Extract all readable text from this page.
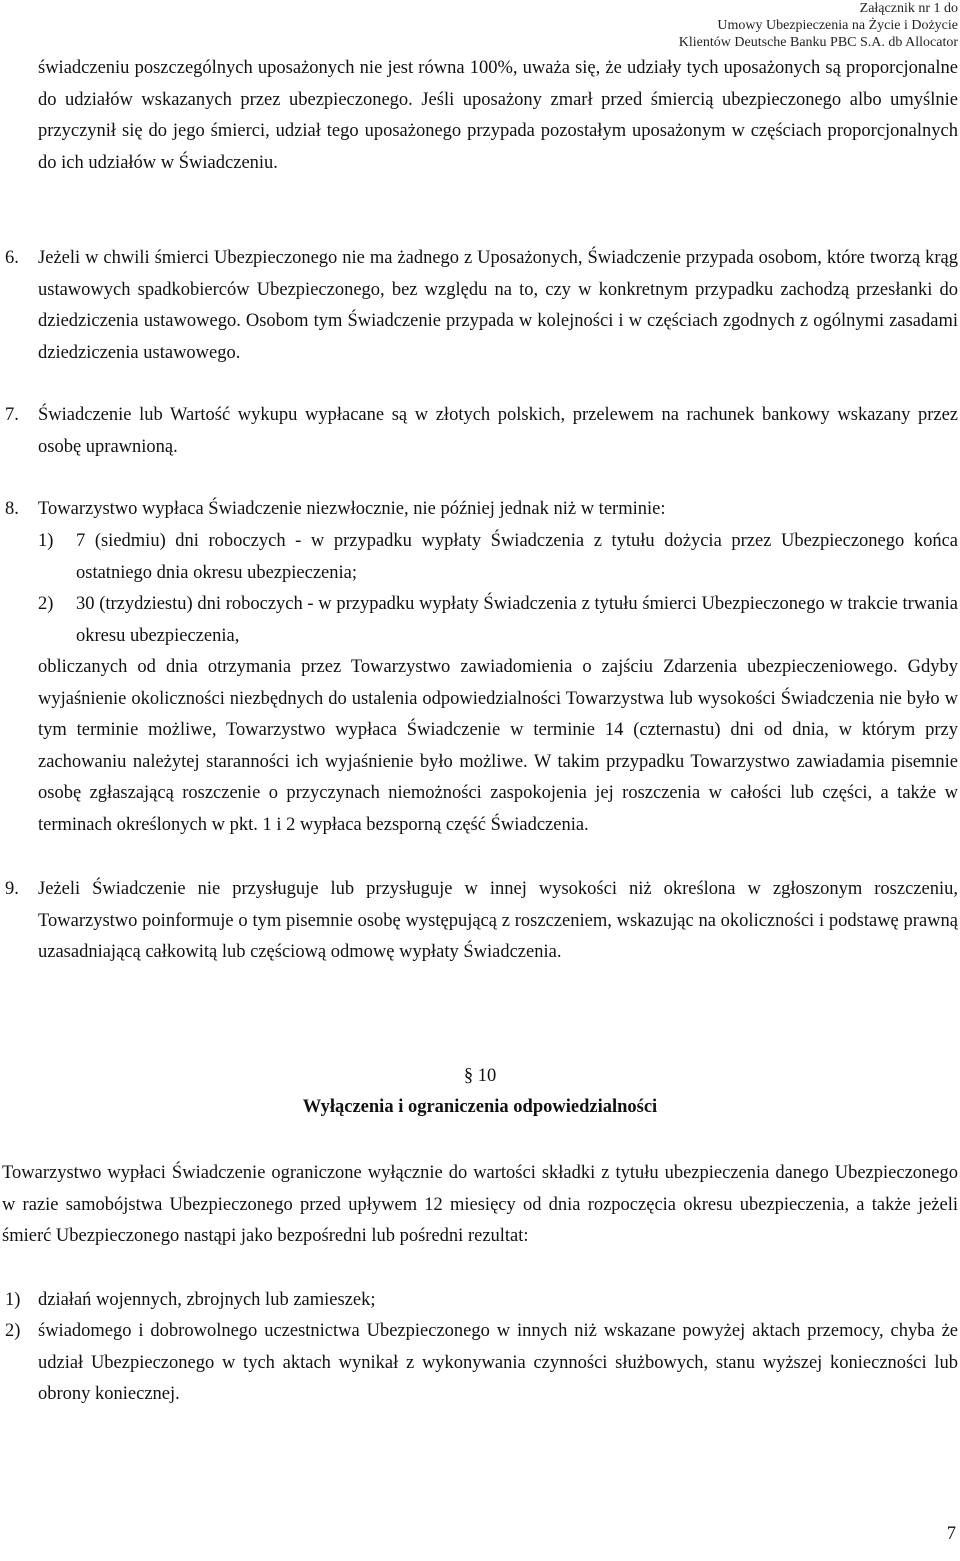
Załącznik nr 1 do
Umowy Ubezpieczenia na Życie i Dożycie
Klientów Deutsche Banku PBC S.A. db Allocator
świadczeniu poszczególnych uposażonych nie jest równa 100%, uważa się, że udziały tych uposażonych są proporcjonalne do udziałów wskazanych przez ubezpieczonego. Jeśli uposażony zmarł przed śmiercią ubezpieczonego albo umyślnie przyczynił się do jego śmierci, udział tego uposażonego przypada pozostałym uposażonym w częściach proporcjonalnych do ich udziałów w Świadczeniu.
6. Jeżeli w chwili śmierci Ubezpieczonego nie ma żadnego z Uposażonych, Świadczenie przypada osobom, które tworzą krąg ustawowych spadkobierców Ubezpieczonego, bez względu na to, czy w konkretnym przypadku zachodzą przesłanki do dziedziczenia ustawowego. Osobom tym Świadczenie przypada w kolejności i w częściach zgodnych z ogólnymi zasadami dziedziczenia ustawowego.
7. Świadczenie lub Wartość wykupu wypłacane są w złotych polskich, przelewem na rachunek bankowy wskazany przez osobę uprawnioną.
8. Towarzystwo wypłaca Świadczenie niezwłocznie, nie później jednak niż w terminie:
1) 7 (siedmiu) dni roboczych - w przypadku wypłaty Świadczenia z tytułu dożycia przez Ubezpieczonego końca ostatniego dnia okresu ubezpieczenia;
2) 30 (trzydziestu) dni roboczych - w przypadku wypłaty Świadczenia z tytułu śmierci Ubezpieczonego w trakcie trwania okresu ubezpieczenia,
obliczanych od dnia otrzymania przez Towarzystwo zawiadomienia o zajściu Zdarzenia ubezpieczeniowego. Gdyby wyjaśnienie okoliczności niezbędnych do ustalenia odpowiedzialności Towarzystwa lub wysokości Świadczenia nie było w tym terminie możliwe, Towarzystwo wypłaca Świadczenie w terminie 14 (czternastu) dni od dnia, w którym przy zachowaniu należytej staranności ich wyjaśnienie było możliwe. W takim przypadku Towarzystwo zawiadamia pisemnie osobę zgłaszającą roszczenie o przyczynach niemożności zaspokojenia jej roszczenia w całości lub części, a także w terminach określonych w pkt. 1 i 2 wypłaca bezsporną część Świadczenia.
9. Jeżeli Świadczenie nie przysługuje lub przysługuje w innej wysokości niż określona w zgłoszonym roszczeniu, Towarzystwo poinformuje o tym pisemnie osobę występującą z roszczeniem, wskazując na okoliczności i podstawę prawną uzasadniającą całkowitą lub częściową odmowę wypłaty Świadczenia.
§ 10
Wyłączenia i ograniczenia odpowiedzialności
Towarzystwo wypłaci Świadczenie ograniczone wyłącznie do wartości składki z tytułu ubezpieczenia danego Ubezpieczonego w razie samobójstwa Ubezpieczonego przed upływem 12 miesięcy od dnia rozpoczęcia okresu ubezpieczenia, a także jeżeli śmierć Ubezpieczonego nastąpi jako bezpośredni lub pośredni rezultat:
1) działań wojennych, zbrojnych lub zamieszek;
2) świadomego i dobrowolnego uczestnictwa Ubezpieczonego w innych niż wskazane powyżej aktach przemocy, chyba że udział Ubezpieczonego w tych aktach wynikał z wykonywania czynności służbowych, stanu wyższej konieczności lub obrony koniecznej.
7
